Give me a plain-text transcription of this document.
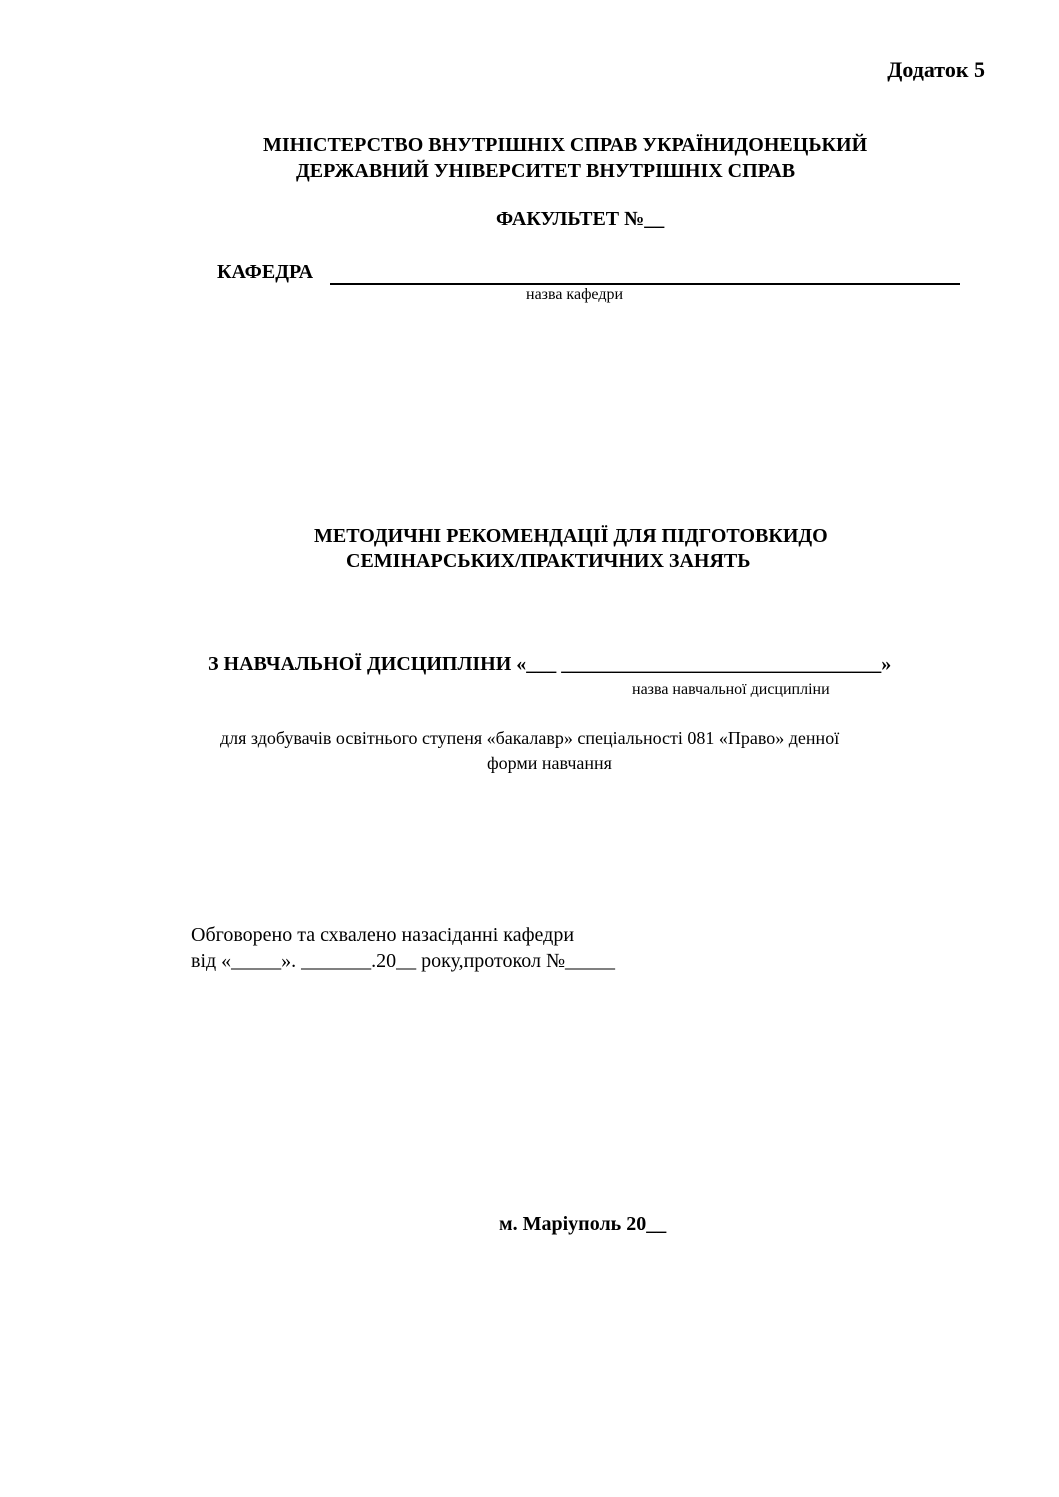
Додаток 5
МІНІСТЕРСТВО ВНУТРІШНІХ СПРАВ УКРАЇНИДОНЕЦЬКИЙ
ДЕРЖАВНИЙ УНІВЕРСИТЕТ ВНУТРІШНІХ СПРАВ
ФАКУЛЬТЕТ №__
КАФЕДРА
назва кафедри
МЕТОДИЧНІ РЕКОМЕНДАЦІЇ ДЛЯ ПІДГОТОВКИДО
СЕМІНАРСЬКИХ/ПРАКТИЧНИХ ЗАНЯТЬ
З НАВЧАЛЬНОЇ ДИСЦИПЛІНИ «___ ________________________________»
назва навчальної дисципліни
для здобувачів освітнього ступеня «бакалавр» спеціальності 081 «Право» денної
форми навчання
Обговорено та схвалено назасіданні кафедри
від «_____». _______.20__ року,протокол №_____
м. Маріуполь 20__
